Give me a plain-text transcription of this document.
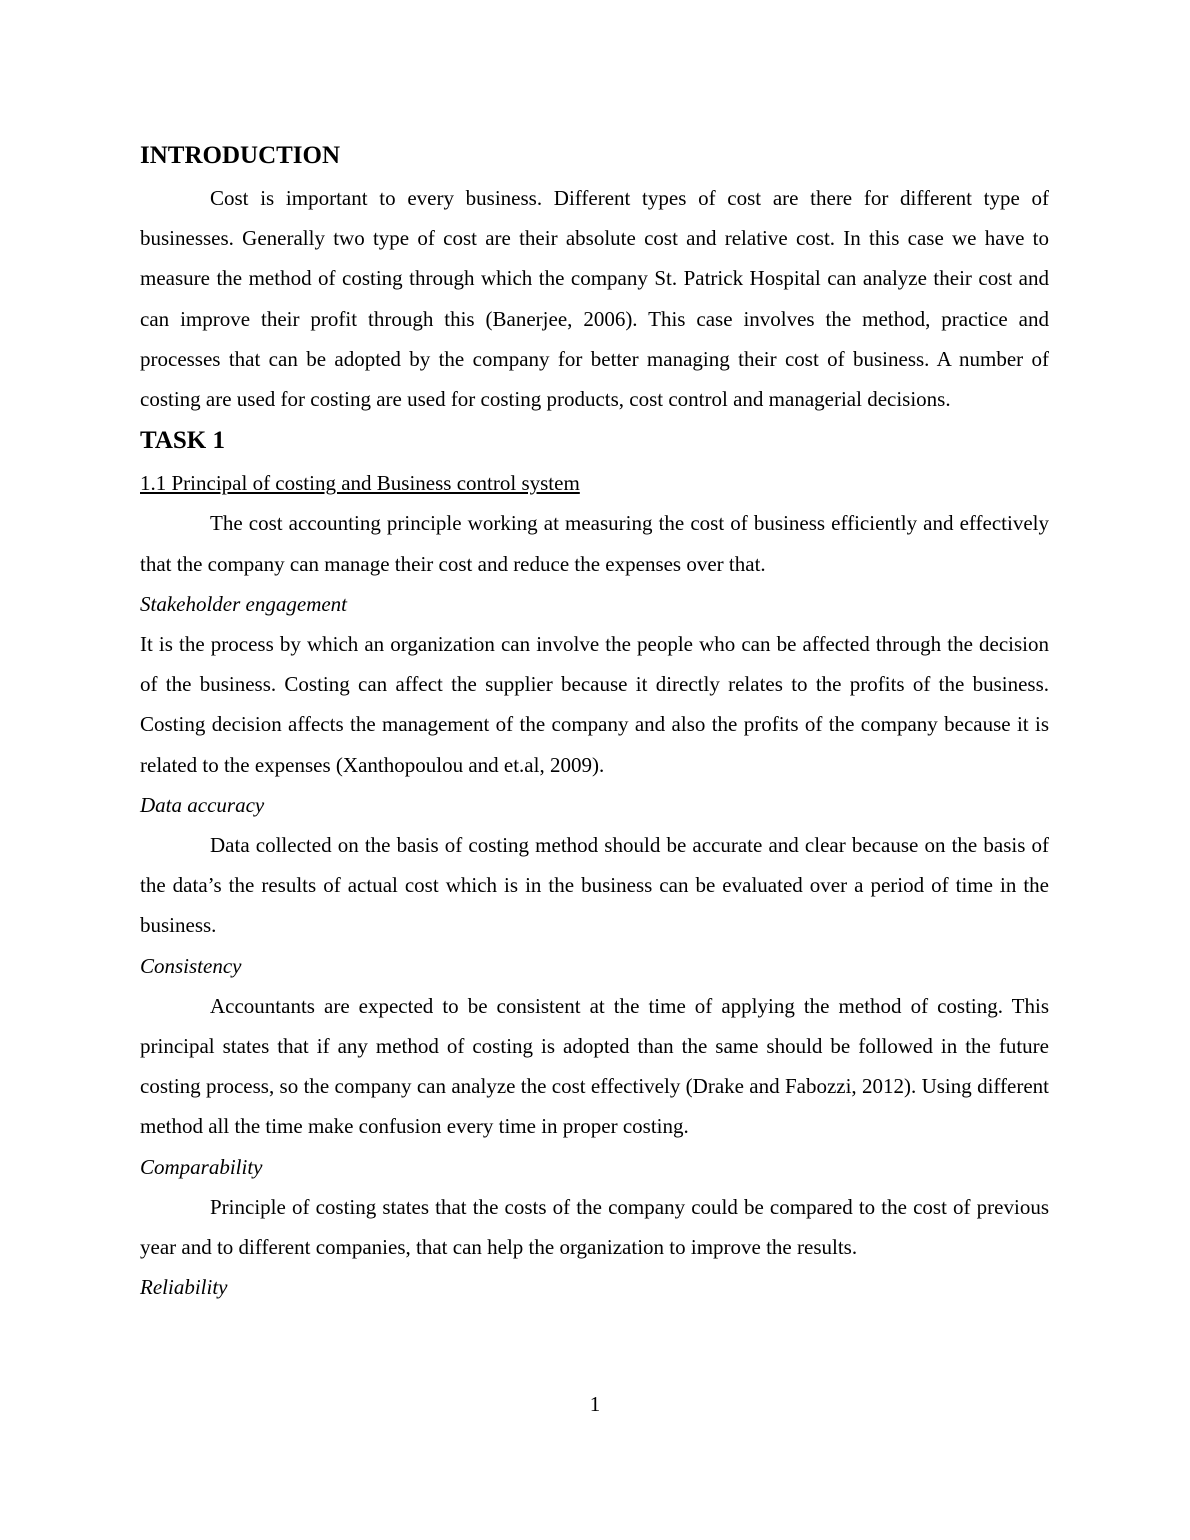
INTRODUCTION

Cost is important to every business. Different types of cost are there for different type of businesses. Generally two type of cost are their absolute cost and relative cost. In this case we have to measure the method of costing through which the company St. Patrick Hospital can analyze their cost and can improve their profit through this (Banerjee, 2006). This case involves the method, practice and processes that can be adopted by the company for better managing their cost of business. A number of costing are used for costing are used for costing products, cost control and managerial decisions.

TASK 1

1.1 Principal of costing and Business control system

The cost accounting principle working at measuring the cost of business efficiently and effectively that the company can manage their cost and reduce the expenses over that.

Stakeholder engagement

It is the process by which an organization can involve the people who can be affected through the decision of the business. Costing can affect the supplier because it directly relates to the profits of the business. Costing decision affects the management of the company and also the profits of the company because it is related to the expenses (Xanthopoulou and et.al, 2009).

Data accuracy

Data collected on the basis of costing method should be accurate and clear because on the basis of the data’s the results of actual cost which is in the business can be evaluated over a period of time in the business.

Consistency

Accountants are expected to be consistent at the time of applying the method of costing. This principal states that if any method of costing is adopted than the same should be followed in the future costing process, so the company can analyze the cost effectively (Drake and Fabozzi, 2012). Using different method all the time make confusion every time in proper costing.

Comparability

Principle of costing states that the costs of the company could be compared to the cost of previous year and to different companies, that can help the organization to improve the results.

Reliability

1
